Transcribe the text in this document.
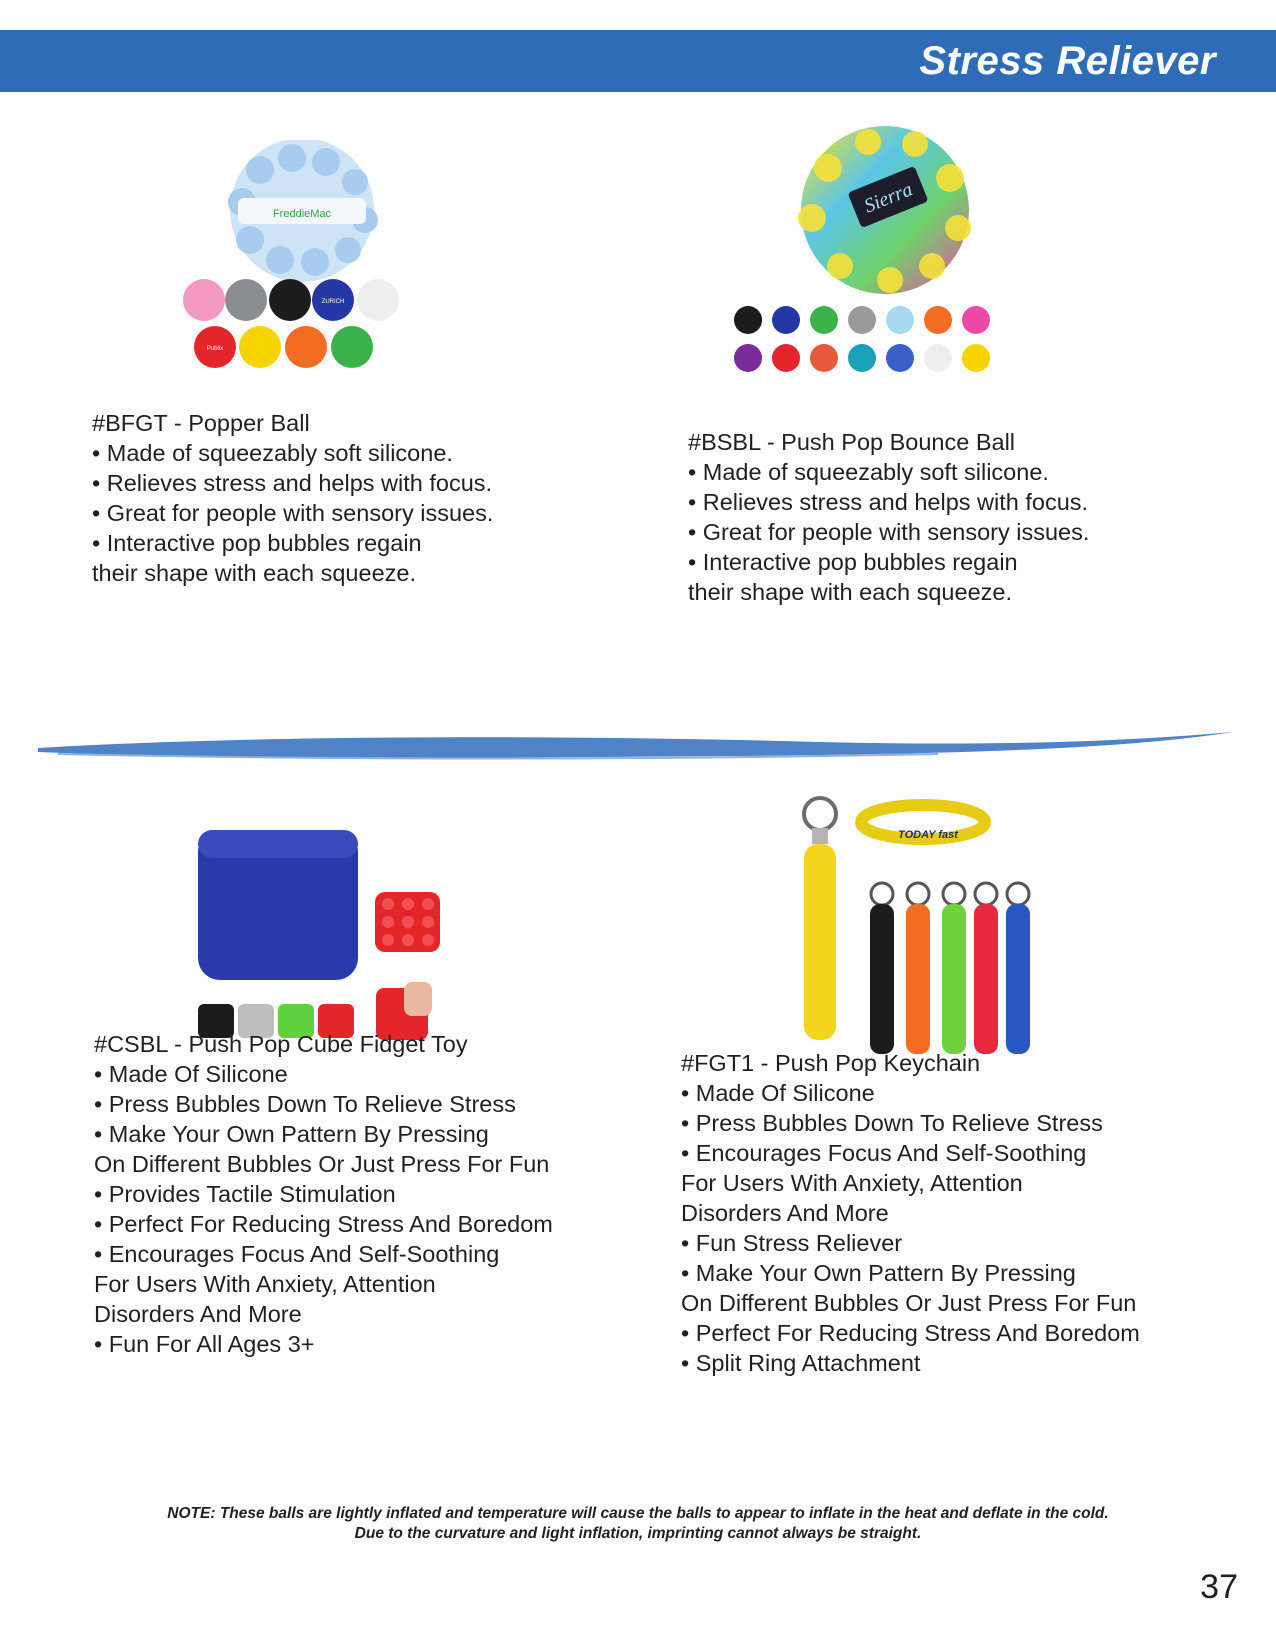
Stress Reliever
FreddieMac
ZURICH
Publix
Sierra
#BFGT - Popper Ball
• Made of squeezably soft silicone.
• Relieves stress and helps with focus.
• Great for people with sensory issues.
• Interactive pop bubbles regain
their shape with each squeeze.
#BSBL - Push Pop Bounce Ball
• Made of squeezably soft silicone.
• Relieves stress and helps with focus.
• Great for people with sensory issues.
• Interactive pop bubbles regain
their shape with each squeeze.
TODAY fast
#CSBL - Push Pop Cube Fidget Toy
• Made Of Silicone
• Press Bubbles Down To Relieve Stress
• Make Your Own Pattern By Pressing
On Different Bubbles Or Just Press For Fun
• Provides Tactile Stimulation
• Perfect For Reducing Stress And Boredom
• Encourages Focus And Self-Soothing
For Users With Anxiety, Attention
Disorders And More
• Fun For All Ages 3+
#FGT1 - Push Pop Keychain
• Made Of Silicone
• Press Bubbles Down To Relieve Stress
• Encourages Focus And Self-Soothing
For Users With Anxiety, Attention
Disorders And More
• Fun Stress Reliever
• Make Your Own Pattern By Pressing
On Different Bubbles Or Just Press For Fun
• Perfect For Reducing Stress And Boredom
• Split Ring Attachment
NOTE: These balls are lightly inflated and temperature will cause the balls to appear to inflate in the heat and deflate in the cold.
Due to the curvature and light inflation, imprinting cannot always be straight.
37
